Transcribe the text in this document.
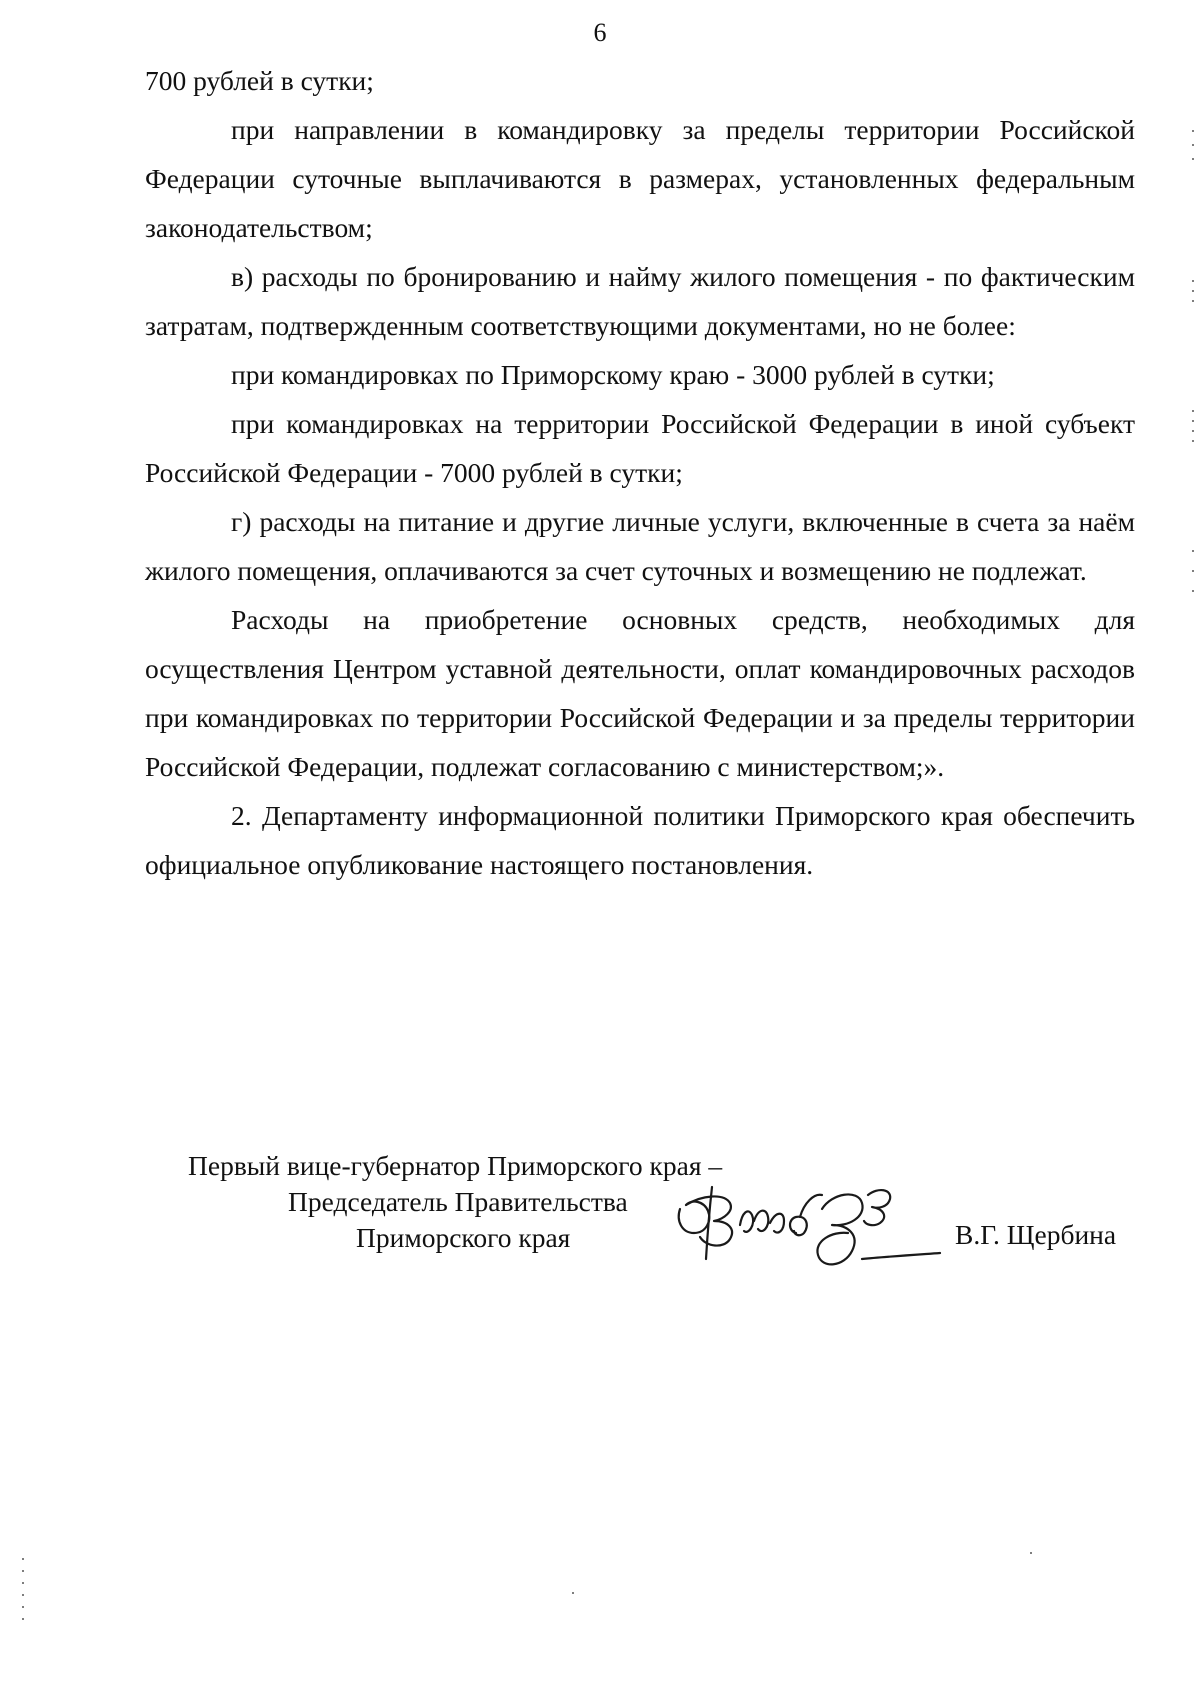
6

700 рублей в сутки;

при направлении в командировку за пределы территории Российской Федерации суточные выплачиваются в размерах, установленных федеральным законодательством;

в) расходы по бронированию и найму жилого помещения - по фактическим затратам, подтвержденным соответствующими документами, но не более:

при командировках по Приморскому краю - 3000 рублей в сутки;

при командировках на территории Российской Федерации в иной субъект Российской Федерации - 7000 рублей в сутки;

г) расходы на питание и другие личные услуги, включенные в счета за наём жилого помещения, оплачиваются за счет суточных и возмещению не подлежат.

Расходы на приобретение основных средств, необходимых для осуществления Центром уставной деятельности, оплат командировочных расходов при командировках по территории Российской Федерации и за пределы территории Российской Федерации, подлежат согласованию с министерством;».

2. Департаменту информационной политики Приморского края обеспечить официальное опубликование настоящего постановления.

Первый вице-губернатор Приморского края –
Председатель Правительства
Приморского края	В.Г. Щербина
